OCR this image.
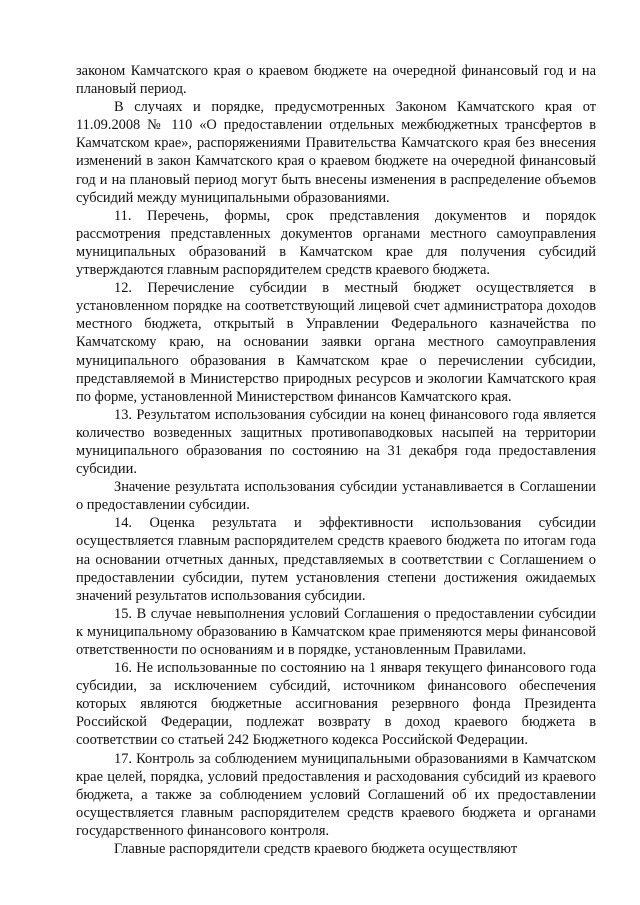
законом Камчатского края о краевом бюджете на очередной финансовый год и на плановый период.

В случаях и порядке, предусмотренных Законом Камчатского края от 11.09.2008 № 110 «О предоставлении отдельных межбюджетных трансфертов в Камчатском крае», распоряжениями Правительства Камчатского края без внесения изменений в закон Камчатского края о краевом бюджете на очередной финансовый год и на плановый период могут быть внесены изменения в распределение объемов субсидий между муниципальными образованиями.

11. Перечень, формы, срок представления документов и порядок рассмотрения представленных документов органами местного самоуправления муниципальных образований в Камчатском крае для получения субсидий утверждаются главным распорядителем средств краевого бюджета.

12. Перечисление субсидии в местный бюджет осуществляется в установленном порядке на соответствующий лицевой счет администратора доходов местного бюджета, открытый в Управлении Федерального казначейства по Камчатскому краю, на основании заявки органа местного самоуправления муниципального образования в Камчатском крае о перечислении субсидии, представляемой в Министерство природных ресурсов и экологии Камчатского края по форме, установленной Министерством финансов Камчатского края.

13. Результатом использования субсидии на конец финансового года является количество возведенных защитных противопаводковых насыпей на территории муниципального образования по состоянию на 31 декабря года предоставления субсидии.

Значение результата использования субсидии устанавливается в Соглашении о предоставлении субсидии.

14. Оценка результата и эффективности использования субсидии осуществляется главным распорядителем средств краевого бюджета по итогам года на основании отчетных данных, представляемых в соответствии с Соглашением о предоставлении субсидии, путем установления степени достижения ожидаемых значений результатов использования субсидии.

15. В случае невыполнения условий Соглашения о предоставлении субсидии к муниципальному образованию в Камчатском крае применяются меры финансовой ответственности по основаниям и в порядке, установленным Правилами.

16. Не использованные по состоянию на 1 января текущего финансового года субсидии, за исключением субсидий, источником финансового обеспечения которых являются бюджетные ассигнования резервного фонда Президента Российской Федерации, подлежат возврату в доход краевого бюджета в соответствии со статьей 242 Бюджетного кодекса Российской Федерации.

17. Контроль за соблюдением муниципальными образованиями в Камчатском крае целей, порядка, условий предоставления и расходования субсидий из краевого бюджета, а также за соблюдением условий Соглашений об их предоставлении осуществляется главным распорядителем средств краевого бюджета и органами государственного финансового контроля.

Главные распорядители средств краевого бюджета осуществляют
